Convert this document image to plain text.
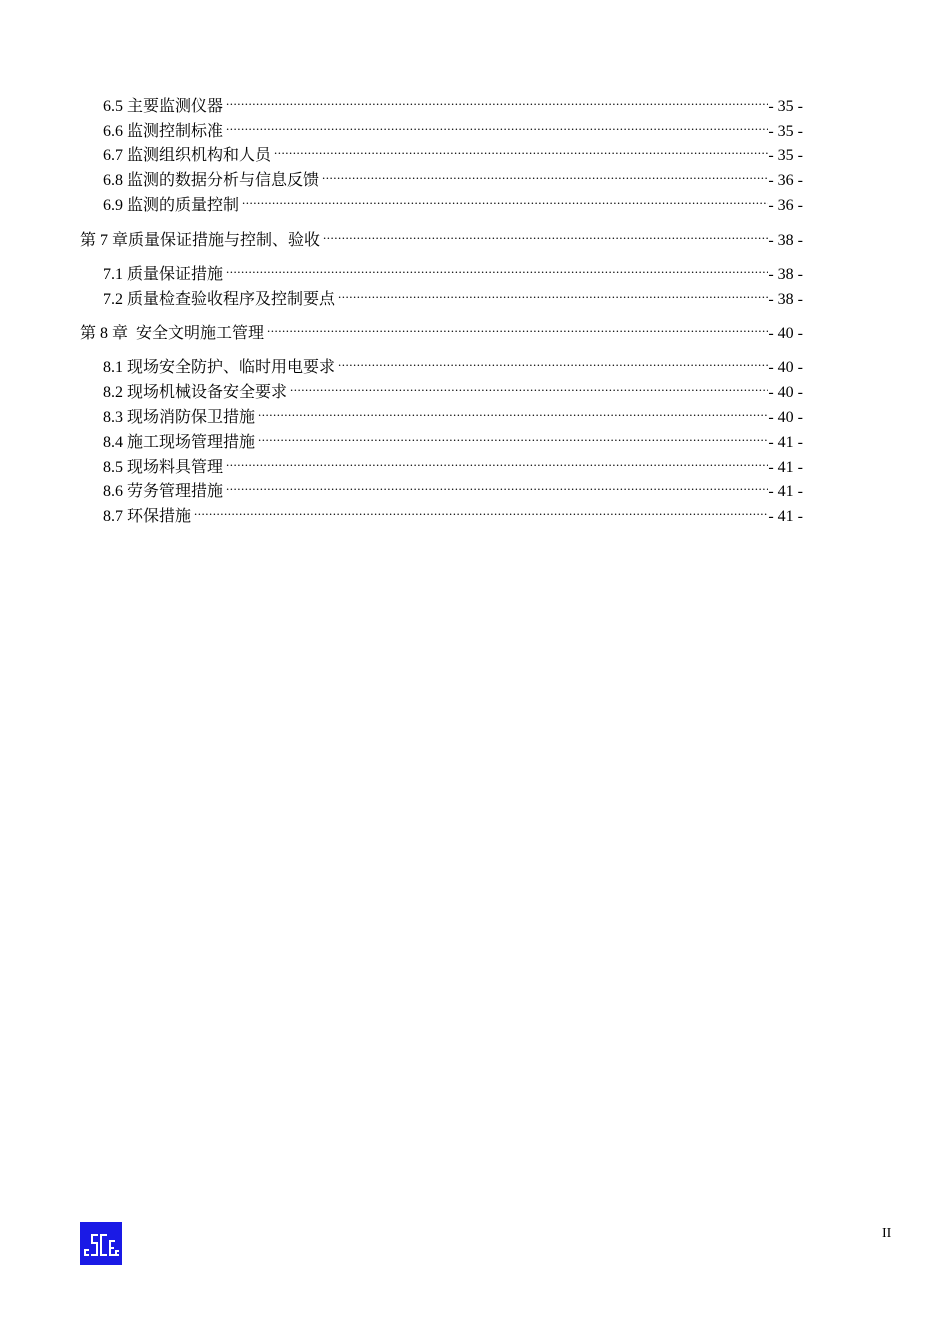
6.5 主要监测仪器 .....	- 35 -
6.6 监测控制标准 .....	- 35 -
6.7 监测组织机构和人员 .....	- 35 -
6.8 监测的数据分析与信息反馈 .....	- 36 -
6.9 监测的质量控制 .....	- 36 -
第 7 章质量保证措施与控制、验收 .....	- 38 -
7.1 质量保证措施 .....	- 38 -
7.2 质量检查验收程序及控制要点 .....	- 38 -
第 8 章  安全文明施工管理 .....	- 40 -
8.1 现场安全防护、临时用电要求 .....	- 40 -
8.2 现场机械设备安全要求 .....	- 40 -
8.3 现场消防保卫措施 .....	- 40 -
8.4 施工现场管理措施 .....	- 41 -
8.5 现场料具管理 .....	- 41 -
8.6 劳务管理措施 .....	- 41 -
8.7 环保措施 .....	- 41 -
II
